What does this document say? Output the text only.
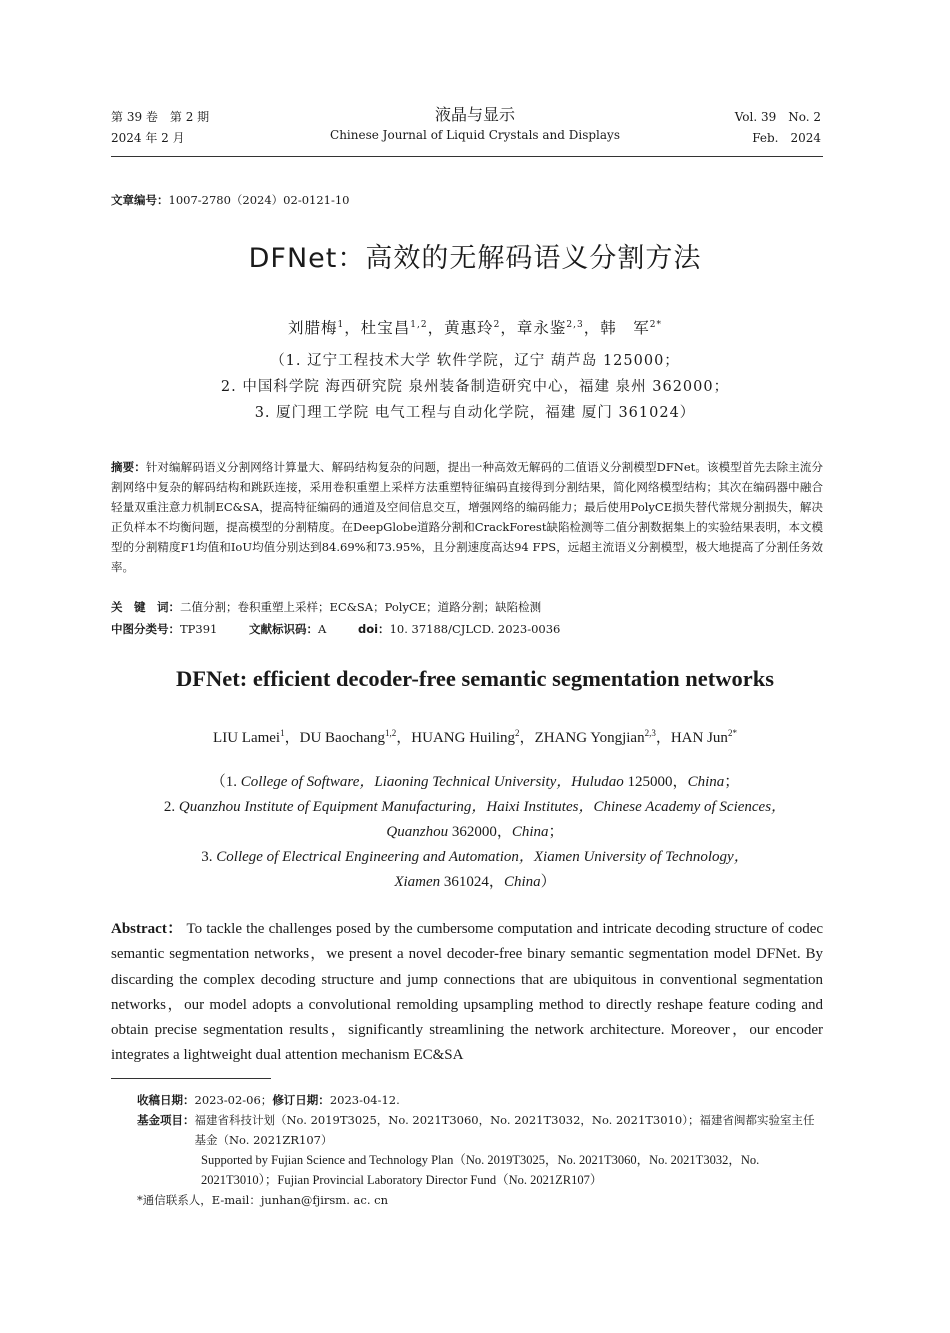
第 39 卷　第 2 期
2024 年 2 月
液晶与显示
Chinese Journal of Liquid Crystals and Displays
Vol. 39　No. 2
Feb.　2024
文章编号：1007-2780（2024）02-0121-10
DFNet：高效的无解码语义分割方法
刘腊梅$^1$，杜宝昌$^{1,2}$，黄惠玲$^2$，章永鉴$^{2,3}$，韩　军$^{2*}$
（1. 辽宁工程技术大学 软件学院，辽宁 葫芦岛 125000；
2. 中国科学院 海西研究院 泉州装备制造研究中心，福建 泉州 362000；
3. 厦门理工学院 电气工程与自动化学院，福建 厦门 361024）
摘要：针对编解码语义分割网络计算量大、解码结构复杂的问题，提出一种高效无解码的二值语义分割模型DFNet。该模型首先去除主流分割网络中复杂的解码结构和跳跃连接，采用卷积重塑上采样方法重塑特征编码直接得到分割结果，简化网络模型结构；其次在编码器中融合轻量双重注意力机制EC&SA，提高特征编码的通道及空间信息交互，增强网络的编码能力；最后使用PolyCE损失替代常规分割损失，解决正负样本不均衡问题，提高模型的分割精度。在DeepGlobe道路分割和CrackForest缺陷检测等二值分割数据集上的实验结果表明，本文模型的分割精度F1均值和IoU均值分别达到84.69%和73.95%，且分割速度高达94 FPS，远超主流语义分割模型，极大地提高了分割任务效率。
关　键　词：二值分割；卷积重塑上采样；EC&SA；PolyCE；道路分割；缺陷检测
中图分类号：TP391	文献标识码：A	doi：10. 37188/CJLCD. 2023-0036
DFNet: efficient decoder-free semantic segmentation networks
LIU Lamei$^1$，DU Baochang$^{1,2}$，HUANG Huiling$^2$，ZHANG Yongjian$^{2,3}$，HAN Jun$^{2*}$
（1. College of Software，Liaoning Technical University，Huludao 125000，China；
2. Quanzhou Institute of Equipment Manufacturing，Haixi Institutes，Chinese Academy of Sciences，
Quanzhou 362000，China；
3. College of Electrical Engineering and Automation，Xiamen University of Technology，
Xiamen 361024，China）
Abstract： To tackle the challenges posed by the cumbersome computation and intricate decoding structure of codec semantic segmentation networks，we present a novel decoder-free binary semantic segmentation model DFNet. By discarding the complex decoding structure and jump connections that are ubiquitous in conventional segmentation networks，our model adopts a convolutional remolding upsampling method to directly reshape feature coding and obtain precise segmentation results，significantly streamlining the network architecture. Moreover，our encoder integrates a lightweight dual attention mechanism EC&SA
收稿日期：2023-02-06；修订日期：2023-04-12.
基金项目： 福建省科技计划（No. 2019T3025，No. 2021T3060，No. 2021T3032，No. 2021T3010）；福建省闽都实验室主任基金（No. 2021ZR107）
Supported by Fujian Science and Technology Plan（No. 2019T3025，No. 2021T3060，No. 2021T3032，No. 2021T3010）；Fujian Provincial Laboratory Director Fund（No. 2021ZR107）
*通信联系人，E-mail：junhan@fjirsm. ac. cn
